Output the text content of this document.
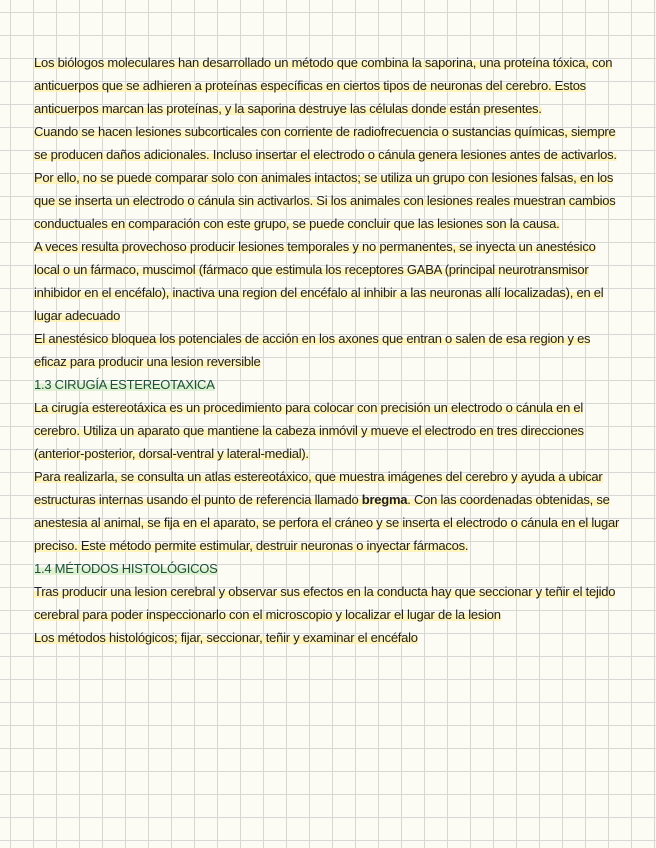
Los biólogos moleculares han desarrollado un método que combina la saporina, una proteína tóxica, con anticuerpos que se adhieren a proteínas específicas en ciertos tipos de neuronas del cerebro. Estos anticuerpos marcan las proteínas, y la saporina destruye las células donde están presentes.

Cuando se hacen lesiones subcorticales con corriente de radiofrecuencia o sustancias químicas, siempre se producen daños adicionales. Incluso insertar el electrodo o cánula genera lesiones antes de activarlos. Por ello, no se puede comparar solo con animales intactos; se utiliza un grupo con lesiones falsas, en los que se inserta un electrodo o cánula sin activarlos. Si los animales con lesiones reales muestran cambios conductuales en comparación con este grupo, se puede concluir que las lesiones son la causa.

A veces resulta provechoso producir lesiones temporales y no permanentes, se inyecta un anestésico local o un fármaco, muscimol (fármaco que estimula los receptores GABA (principal neurotransmisor inhibidor en el encéfalo), inactiva una region del encéfalo al inhibir a las neuronas allí localizadas), en el lugar adecuado

El anestésico bloquea los potenciales de acción en los axones que entran o salen de esa region y es eficaz para producir una lesion reversible

1.3 CIRUGÍA ESTEREOTAXICA

La cirugía estereotáxica es un procedimiento para colocar con precisión un electrodo o cánula en el cerebro. Utiliza un aparato que mantiene la cabeza inmóvil y mueve el electrodo en tres direcciones (anterior-posterior, dorsal-ventral y lateral-medial).

Para realizarla, se consulta un atlas estereotáxico, que muestra imágenes del cerebro y ayuda a ubicar estructuras internas usando el punto de referencia llamado bregma. Con las coordenadas obtenidas, se anestesia al animal, se fija en el aparato, se perfora el cráneo y se inserta el electrodo o cánula en el lugar preciso. Este método permite estimular, destruir neuronas o inyectar fármacos.

1.4 MÉTODOS HISTOLÓGICOS

Tras producir una lesion cerebral y observar sus efectos en la conducta hay que seccionar y teñir el tejido cerebral para poder inspeccionarlo con el microscopio y localizar el lugar de la lesion

Los métodos histológicos; fijar, seccionar, teñir y examinar el encéfalo
